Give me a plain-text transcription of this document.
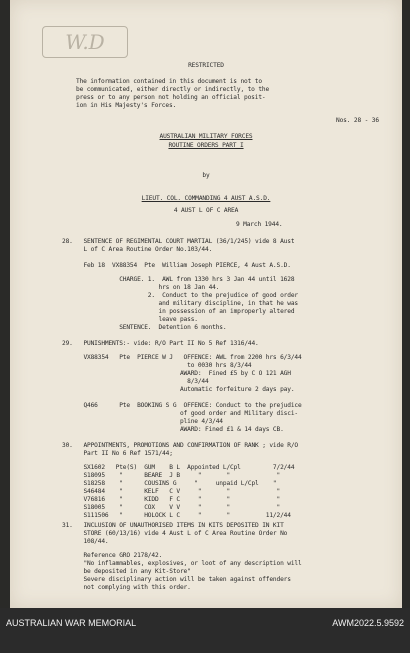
W.D
RESTRICTED
The information contained in this document is not to
be communicated, either directly or indirectly, to the
press or to any person not holding an official posit-
ion in His Majesty's Forces.
Nos. 28 - 36
AUSTRALIAN MILITARY FORCES
ROUTINE ORDERS PART I
by
LIEUT. COL. COMMANDING 4 AUST A.S.D.
4 AUST L OF C AREA
9 March 1944.
28.   SENTENCE OF REGIMENTAL COURT MARTIAL (36/1/245) vide 8 Aust
L of C Area Routine Order No.103/44.
Feb 18  VX88354  Pte  William Joseph PIERCE, 4 Aust A.S.D.
CHARGE. 1.  AWL from 1330 hrs 3 Jan 44 until 1628
hrs on 18 Jan 44.
2.  Conduct to the prejudice of good order
and military discipline, in that he was
in possession of an improperly altered
leave pass.
SENTENCE.  Detention 6 months.
29.   PUNISHMENTS:- vide: R/O Part II No 5 Ref 1316/44.
VX88354   Pte  PIERCE W J   OFFENCE: AWL from 2200 hrs 6/3/44
to 0030 hrs 8/3/44
AWARD:  Fined £5 by C O 121 AGH
8/3/44
Automatic forfeiture 2 days pay.
Q466      Pte  BOOKING S G  OFFENCE: Conduct to the prejudice
of good order and Military disci-
pline 4/3/44
AWARD: Fined £1 & 14 days CB.
30.   APPOINTMENTS, PROMOTIONS AND CONFIRMATION OF RANK ; vide R/O
Part II No 6 Ref 1571/44;
SX1602   Pte(S)  GUM    B L  Appointed L/Cpl         7/2/44
S18095    "      BEARE  J B     "       "             "
S18258    "      COUSINS G     "     unpaid L/Cpl    "
S46484    "      KELF   C V     "       "             "
V76816    "      KIDD   F C     "       "             "
S18005    "      COX    V V     "       "             "
S111506   "      HOLOCK L C     "       "          11/2/44
31.   INCLUSION OF UNAUTHORISED ITEMS IN KITS DEPOSITED IN KIT
STORE (60/13/16) vide 4 Aust L of C Area Routine Order No
108/44.
Reference GRO 2178/42.
"No inflammables, explosives, or loot of any description will
be deposited in any Kit-Store"
Severe disciplinary action will be taken against offenders
not complying with this order.
AUSTRALIAN WAR MEMORIAL	AWM2022.5.9592
